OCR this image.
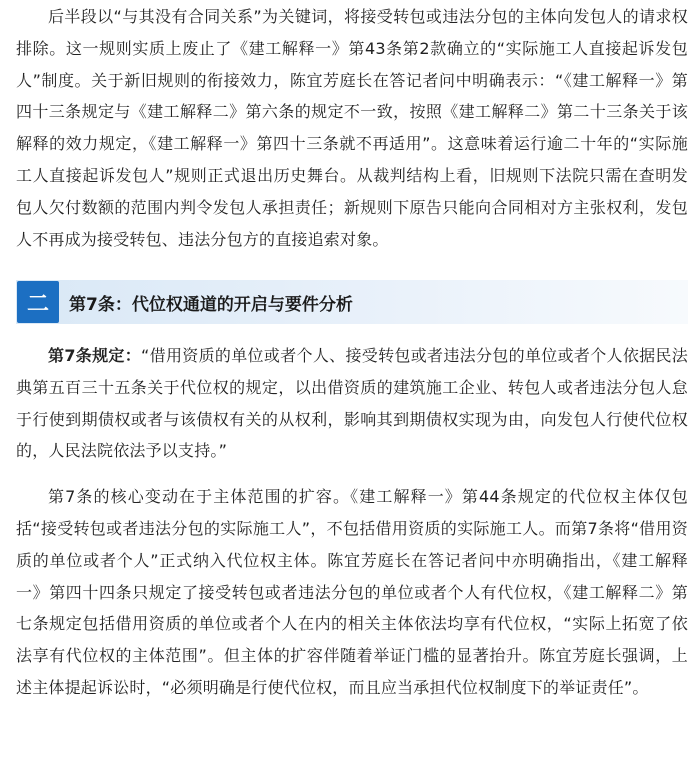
后半段以“与其没有合同关系”为关键词，将接受转包或违法分包的主体向发包人的请求权排除。这一规则实质上废止了《建工解释一》第43条第2款确立的“实际施工人直接起诉发包人”制度。关于新旧规则的衔接效力，陈宜芳庭长在答记者问中明确表示：“《建工解释一》第四十三条规定与《建工解释二》第六条的规定不一致，按照《建工解释二》第二十三条关于该解释的效力规定，《建工解释一》第四十三条就不再适用”。这意味着运行逾二十年的“实际施工人直接起诉发包人”规则正式退出历史舞台。从裁判结构上看，旧规则下法院只需在查明发包人欠付数额的范围内判令发包人承担责任；新规则下原告只能向合同相对方主张权利，发包人不再成为接受转包、违法分包方的直接追索对象。

二	第7条：代位权通道的开启与要件分析

第7条规定：“借用资质的单位或者个人、接受转包或者违法分包的单位或者个人依据民法典第五百三十五条关于代位权的规定，以出借资质的建筑施工企业、转包人或者违法分包人怠于行使到期债权或者与该债权有关的从权利，影响其到期债权实现为由，向发包人行使代位权的，人民法院依法予以支持。”

第7条的核心变动在于主体范围的扩容。《建工解释一》第44条规定的代位权主体仅包括“接受转包或者违法分包的实际施工人”，不包括借用资质的实际施工人。而第7条将“借用资质的单位或者个人”正式纳入代位权主体。陈宜芳庭长在答记者问中亦明确指出，《建工解释一》第四十四条只规定了接受转包或者违法分包的单位或者个人有代位权，《建工解释二》第七条规定包括借用资质的单位或者个人在内的相关主体依法均享有代位权，“实际上拓宽了依法享有代位权的主体范围”。但主体的扩容伴随着举证门槛的显著抬升。陈宜芳庭长强调，上述主体提起诉讼时，“必须明确是行使代位权，而且应当承担代位权制度下的举证责任”。
